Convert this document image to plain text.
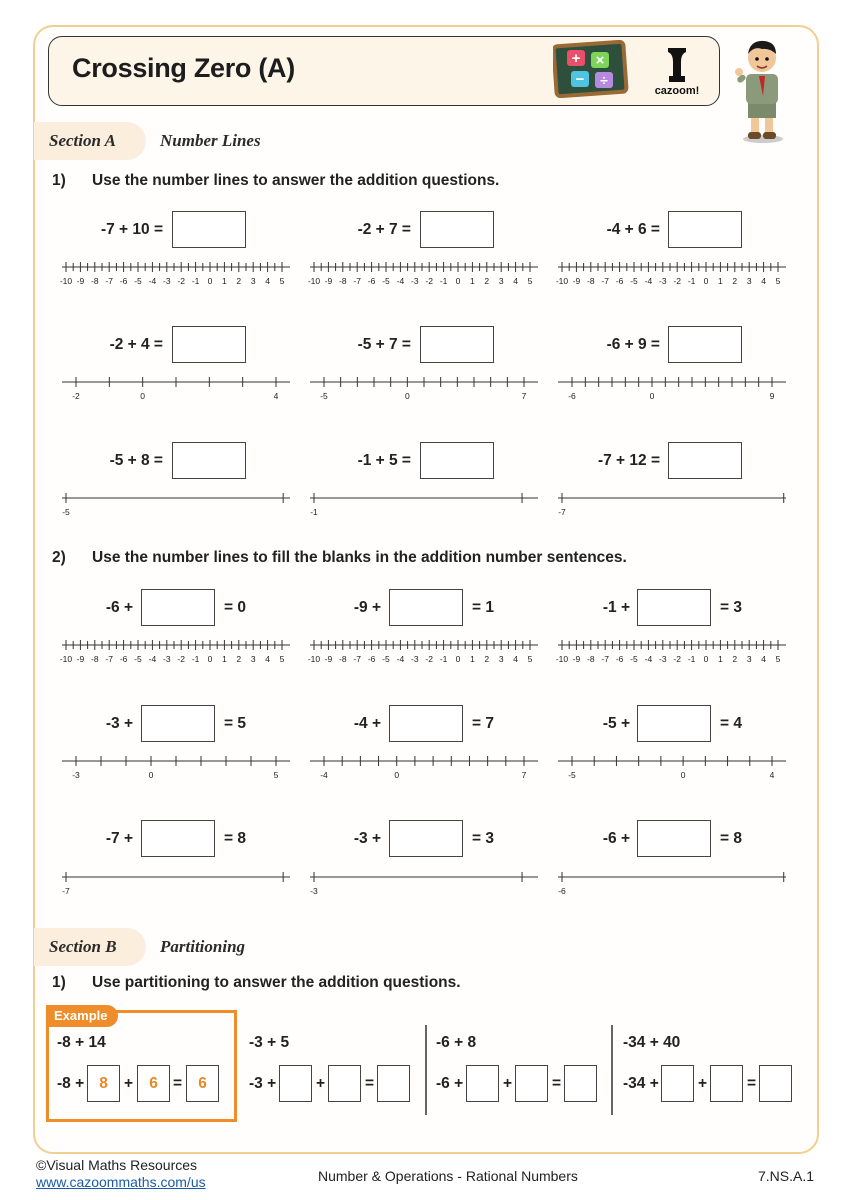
Crossing Zero (A)	+ ×
− ÷
cazoom!
Section A	Number Lines
1) Use the number lines to answer the addition questions.
-7 + 10 =	-2 + 7 =	-4 + 6 =
-2 + 4 =	-5 + 7 =	-6 + 9 =
-5 + 8 =	-1 + 5 =	-7 + 12 =
2) Use the number lines to fill the blanks in the addition number sentences.
-6 +	= 0	-9 +	= 1	-1 +	= 3
-3 +	= 5	-4 +	= 7	-5 +	= 4
-7 +	= 8	-3 +	= 3	-6 +	= 8
-10 -9 -8 -7 -6 -5 -4 -3 -2 -1 0 1 2 3 4 5	-10 -9 -8 -7 -6 -5 -4 -3 -2 -1 0 1 2 3 4 5	-10 -9 -8 -7 -6 -5 -4 -3 -2 -1 0 1 2 3 4 5
-2	0	4	-5	0	7	-6	0	9
-5	-1	-7
-10 -9 -8 -7 -6 -5 -4 -3 -2 -1 0 1 2 3 4 5	-10 -9 -8 -7 -6 -5 -4 -3 -2 -1 0 1 2 3 4 5	-10 -9 -8 -7 -6 -5 -4 -3 -2 -1 0 1 2 3 4 5
-3	0	5	-4	0	7	-5	0	4
-7	-3	-6
Section B	Partitioning
1) Use partitioning to answer the addition questions.
Example
-8 + 14
-8 + 8	+	6 =	6
-3 + 5
-3 +	+	=
-6 + 8
-6 +	+	=
-34 + 40
-34 +	+	=
©Visual Maths Resources
www.cazoommaths.com/us	Number & Operations - Rational Numbers	7.NS.A.1
